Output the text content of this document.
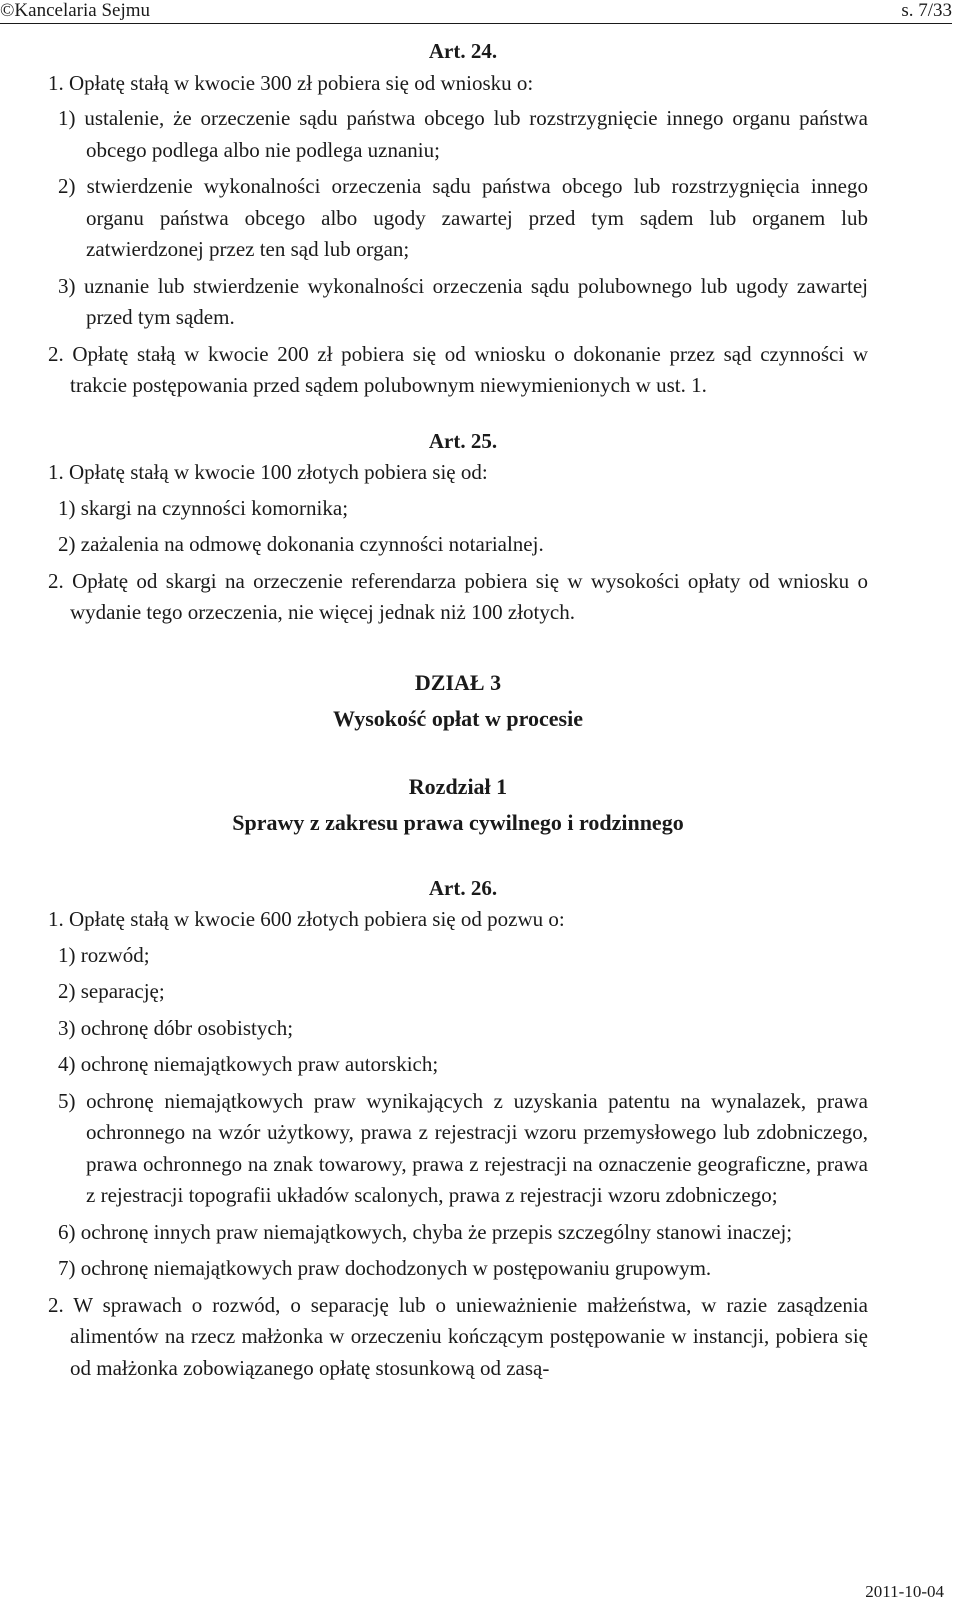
©Kancelaria Sejmu	s. 7/33

Art. 24.

1. Opłatę stałą w kwocie 300 zł pobiera się od wniosku o:

1) ustalenie, że orzeczenie sądu państwa obcego lub rozstrzygnięcie innego organu państwa obcego podlega albo nie podlega uznaniu;

2) stwierdzenie wykonalności orzeczenia sądu państwa obcego lub rozstrzygnięcia innego organu państwa obcego albo ugody zawartej przed tym sądem lub organem lub zatwierdzonej przez ten sąd lub organ;

3) uznanie lub stwierdzenie wykonalności orzeczenia sądu polubownego lub ugody zawartej przed tym sądem.

2. Opłatę stałą w kwocie 200 zł pobiera się od wniosku o dokonanie przez sąd czynności w trakcie postępowania przed sądem polubownym niewymienionych w ust. 1.

Art. 25.

1. Opłatę stałą w kwocie 100 złotych pobiera się od:

1) skargi na czynności komornika;

2) zażalenia na odmowę dokonania czynności notarialnej.

2. Opłatę od skargi na orzeczenie referendarza pobiera się w wysokości opłaty od wniosku o wydanie tego orzeczenia, nie więcej jednak niż 100 złotych.

DZIAŁ 3

Wysokość opłat w procesie

Rozdział 1

Sprawy z zakresu prawa cywilnego i rodzinnego

Art. 26.

1. Opłatę stałą w kwocie 600 złotych pobiera się od pozwu o:

1) rozwód;

2) separację;

3) ochronę dóbr osobistych;

4) ochronę niemajątkowych praw autorskich;

5) ochronę niemajątkowych praw wynikających z uzyskania patentu na wynalazek, prawa ochronnego na wzór użytkowy, prawa z rejestracji wzoru przemysłowego lub zdobniczego, prawa ochronnego na znak towarowy, prawa z rejestracji na oznaczenie geograficzne, prawa z rejestracji topografii układów scalonych, prawa z rejestracji wzoru zdobniczego;

6) ochronę innych praw niemajątkowych, chyba że przepis szczególny stanowi inaczej;

7) ochronę niemajątkowych praw dochodzonych w postępowaniu grupowym.

2. W sprawach o rozwód, o separację lub o unieważnienie małżeństwa, w razie zasądzenia alimentów na rzecz małżonka w orzeczeniu kończącym postępowanie w instancji, pobiera się od małżonka zobowiązanego opłatę stosunkową od zasą-

2011-10-04
